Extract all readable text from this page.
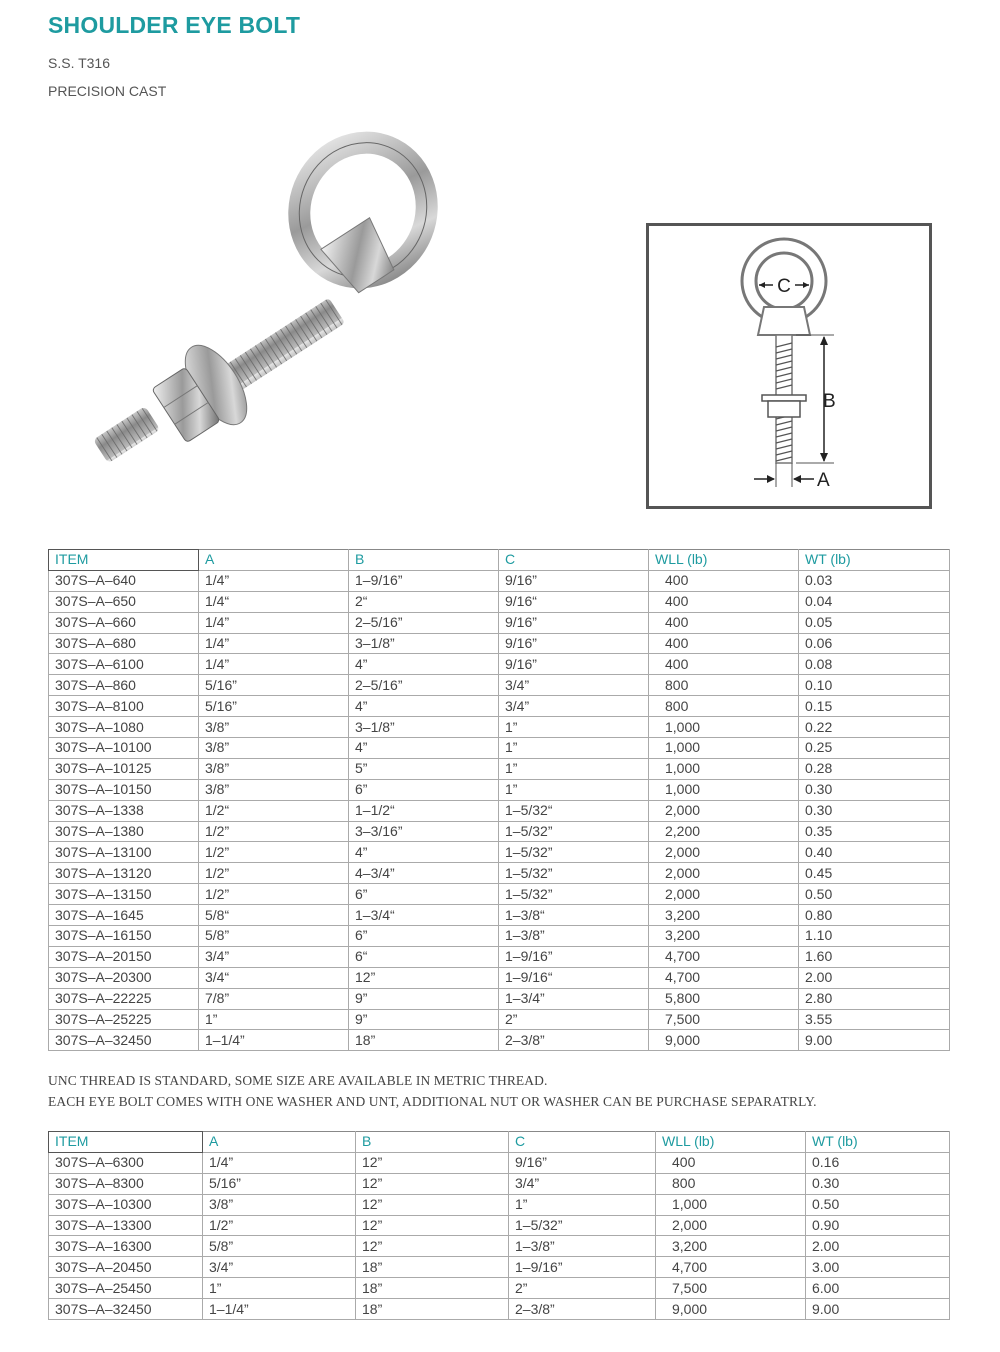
SHOULDER EYE BOLT
S.S. T316
PRECISION CAST
C
B
A
ITEM	A	B	C	WLL (lb)	WT (lb)
307S–A–640	1/4”	1–9/16”	9/16”	400	0.03
307S–A–650	1/4“	2“	9/16“	400	0.04
307S–A–660	1/4”	2–5/16”	9/16”	400	0.05
307S–A–680	1/4”	3–1/8”	9/16”	400	0.06
307S–A–6100	1/4”	4”	9/16”	400	0.08
307S–A–860	5/16”	2–5/16”	3/4”	800	0.10
307S–A–8100	5/16”	4”	3/4”	800	0.15
307S–A–1080	3/8”	3–1/8”	1”	1,000	0.22
307S–A–10100	3/8”	4”	1”	1,000	0.25
307S–A–10125	3/8”	5”	1”	1,000	0.28
307S–A–10150	3/8”	6”	1”	1,000	0.30
307S–A–1338	1/2“	1–1/2“	1–5/32“	2,000	0.30
307S–A–1380	1/2”	3–3/16”	1–5/32”	2,200	0.35
307S–A–13100	1/2”	4”	1–5/32”	2,000	0.40
307S–A–13120	1/2”	4–3/4”	1–5/32”	2,000	0.45
307S–A–13150	1/2”	6”	1–5/32”	2,000	0.50
307S–A–1645	5/8“	1–3/4“	1–3/8“	3,200	0.80
307S–A–16150	5/8”	6”	1–3/8”	3,200	1.10
307S–A–20150	3/4”	6“	1–9/16”	4,700	1.60
307S–A–20300	3/4“	12”	1–9/16“	4,700	2.00
307S–A–22225	7/8”	9”	1–3/4”	5,800	2.80
307S–A–25225	1”	9”	2”	7,500	3.55
307S–A–32450	1–1/4”	18”	2–3/8”	9,000	9.00
UNC THREAD IS STANDARD, SOME SIZE ARE AVAILABLE IN METRIC THREAD.
EACH EYE BOLT COMES WITH ONE WASHER AND UNT, ADDITIONAL NUT OR WASHER CAN BE PURCHASE SEPARATRLY.
ITEM	A	B	C	WLL (lb)	WT (lb)
307S–A–6300	1/4”	12”	9/16”	400	0.16
307S–A–8300	5/16”	12”	3/4”	800	0.30
307S–A–10300	3/8”	12”	1”	1,000	0.50
307S–A–13300	1/2”	12”	1–5/32”	2,000	0.90
307S–A–16300	5/8”	12”	1–3/8”	3,200	2.00
307S–A–20450	3/4”	18”	1–9/16”	4,700	3.00
307S–A–25450	1”	18”	2”	7,500	6.00
307S–A–32450	1–1/4”	18”	2–3/8”	9,000	9.00
